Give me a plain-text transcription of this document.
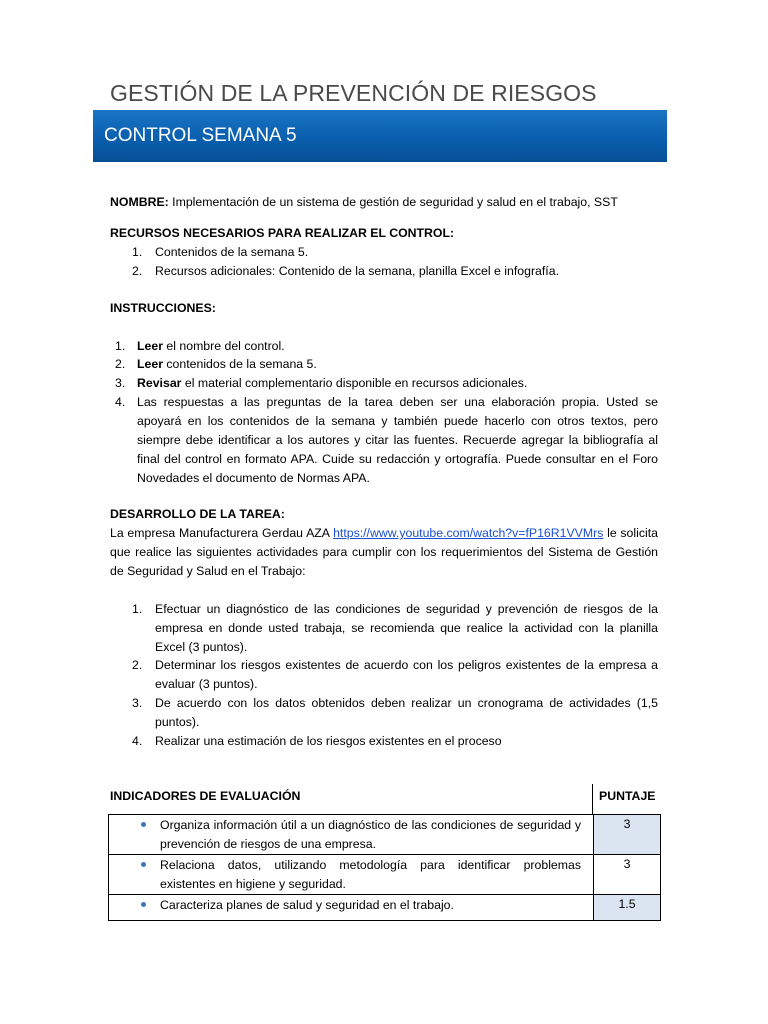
GESTIÓN DE LA PREVENCIÓN DE RIESGOS
CONTROL SEMANA 5
NOMBRE: Implementación de un sistema de gestión de seguridad y salud en el trabajo, SST
RECURSOS NECESARIOS PARA REALIZAR EL CONTROL:
1. Contenidos de la semana 5.
2. Recursos adicionales: Contenido de la semana, planilla Excel e infografía.
INSTRUCCIONES:
1. Leer el nombre del control.
2. Leer contenidos de la semana 5.
3. Revisar el material complementario disponible en recursos adicionales.
4. Las respuestas a las preguntas de la tarea deben ser una elaboración propia. Usted se apoyará en los contenidos de la semana y también puede hacerlo con otros textos, pero siempre debe identificar a los autores y citar las fuentes. Recuerde agregar la bibliografía al final del control en formato APA. Cuide su redacción y ortografía. Puede consultar en el Foro Novedades el documento de Normas APA.
DESARROLLO DE LA TAREA:
La empresa Manufacturera Gerdau AZA https://www.youtube.com/watch?v=fP16R1VVMrs le solicita que realice las siguientes actividades para cumplir con los requerimientos del Sistema de Gestión de Seguridad y Salud en el Trabajo:
1. Efectuar un diagnóstico de las condiciones de seguridad y prevención de riesgos de la empresa en donde usted trabaja, se recomienda que realice la actividad con la planilla Excel (3 puntos).
2. Determinar los riesgos existentes de acuerdo con los peligros existentes de la empresa a evaluar (3 puntos).
3. De acuerdo con los datos obtenidos deben realizar un cronograma de actividades (1,5 puntos).
4. Realizar una estimación de los riesgos existentes en el proceso
INDICADORES DE EVALUACIÓN	PUNTAJE
Organiza información útil a un diagnóstico de las condiciones de seguridad y prevención de riesgos de una empresa.	3

Relaciona datos, utilizando metodología para identificar problemas existentes en higiene y seguridad.	3

Caracteriza planes de salud y seguridad en el trabajo.	1.5
